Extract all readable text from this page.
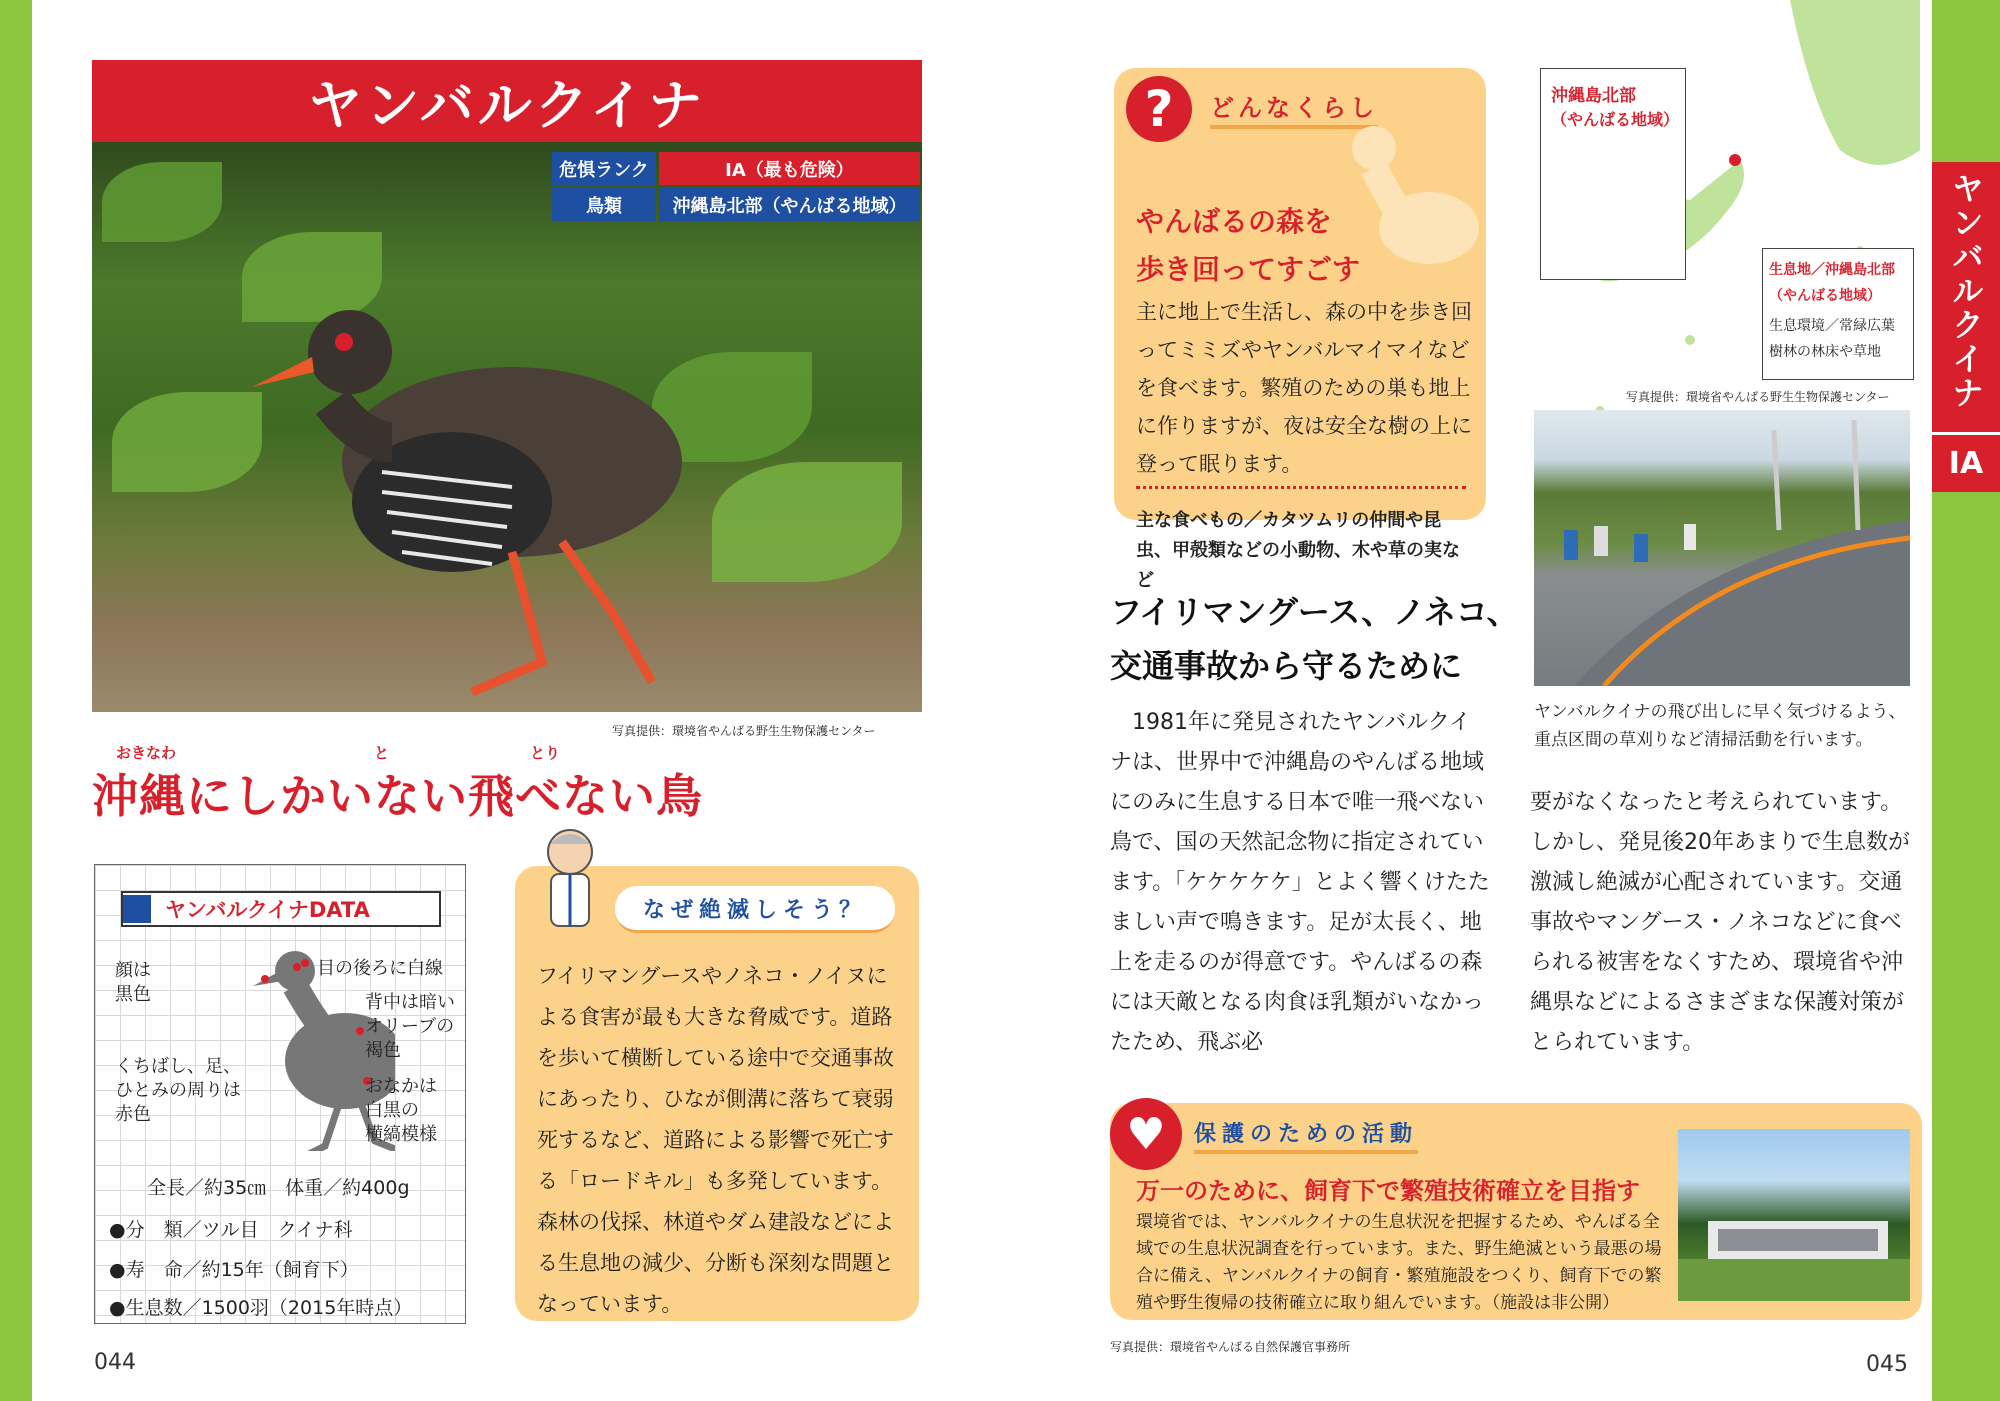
ヤンバルクイナ
危惧ランク	IA（最も危険）
鳥類	沖縄島北部（やんばる地域）
写真提供：環境省やんばる野生生物保護センター
おきなわ	と	とり
沖縄にしかいない飛べない鳥
ヤンバルクイナDATA
顔は
黒色
目の後ろに白線
背中は暗い
オリーブの
褐色
くちばし、足、
ひとみの周りは
赤色
おなかは
白黒の
横縞模様
全長／約35㎝　体重／約400g
●分　類／ツル目　クイナ科
●寿　命／約15年（飼育下）
●生息数／1500羽（2015年時点）
なぜ絶滅しそう？
フイリマングースやノネコ・ノイヌによる食害が最も大きな脅威です。道路を歩いて横断している途中で交通事故にあったり、ひなが側溝に落ちて衰弱死するなど、道路による影響で死亡する「ロードキル」も多発しています。森林の伐採、林道やダム建設などによる生息地の減少、分断も深刻な問題となっています。
044
?	どんなくらし
やんばるの森を
歩き回ってすごす
主に地上で生活し、森の中を歩き回ってミミズやヤンバルマイマイなどを食べます。繁殖のための巣も地上に作りますが、夜は安全な樹の上に登って眠ります。
主な食べもの／カタツムリの仲間や昆虫、甲殻類などの小動物、木や草の実など
フイリマングース、ノネコ、
交通事故から守るために
　1981年に発見されたヤンバルクイナは、世界中で沖縄島のやんばる地域にのみに生息する日本で唯一飛べない鳥で、国の天然記念物に指定されています。「ケケケケケ」とよく響くけたたましい声で鳴きます。足が太長く、地上を走るのが得意です。やんばるの森には天敵となる肉食ほ乳類がいなかったため、飛ぶ必
要がなくなったと考えられています。しかし、発見後20年あまりで生息数が激減し絶滅が心配されています。交通事故やマングース・ノネコなどに食べられる被害をなくすため、環境省や沖縄県などによるさまざまな保護対策がとられています。
沖縄島北部
（やんばる地域）
生息地／沖縄島北部
（やんばる地域）
生息環境／常緑広葉
樹林の林床や草地
写真提供：環境省やんばる野生生物保護センター
ヤンバルクイナの飛び出しに早く気づけるよう、重点区間の草刈りなど清掃活動を行います。
♥	保護のための活動
万一のために、飼育下で繁殖技術確立を目指す
環境省では、ヤンバルクイナの生息状況を把握するため、やんばる全域での生息状況調査を行っています。また、野生絶滅という最悪の場合に備え、ヤンバルクイナの飼育・繁殖施設をつくり、飼育下での繁殖や野生復帰の技術確立に取り組んでいます。（施設は非公開）
写真提供：環境省やんばる自然保護官事務所
045
ヤンバルクイナ
IA
